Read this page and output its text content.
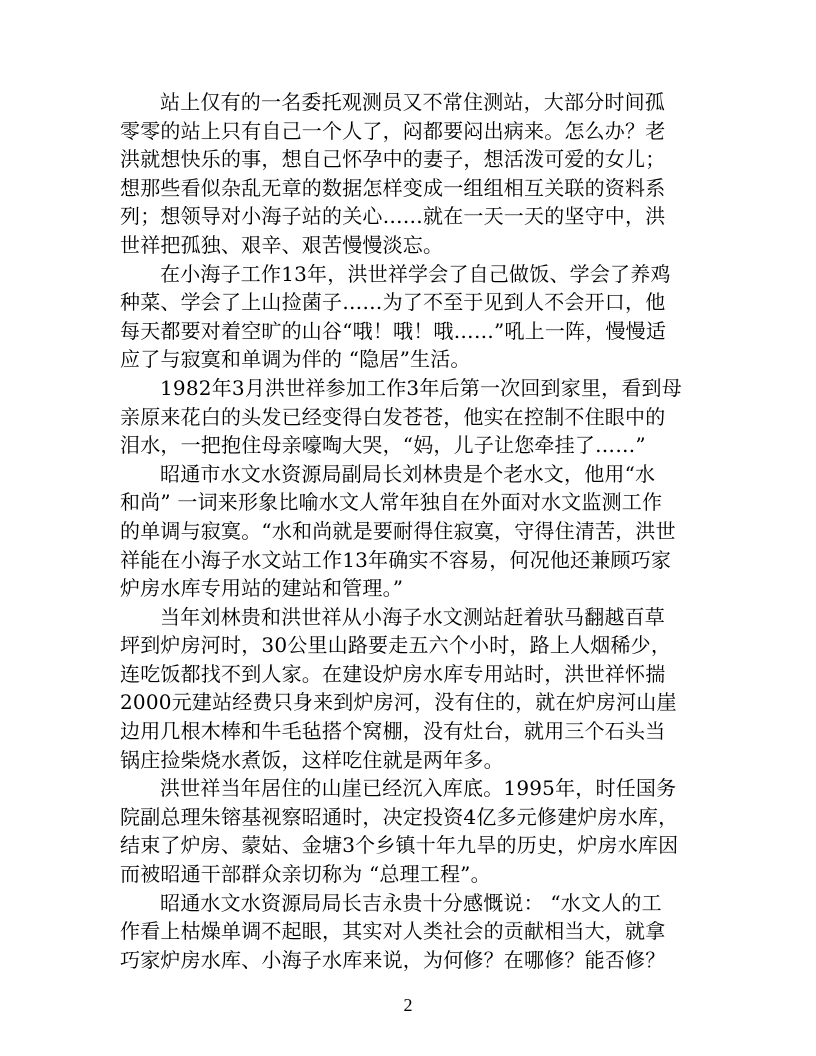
站上仅有的一名委托观测员又不常住测站，大部分时间孤
零零的站上只有自己一个人了，闷都要闷出病来。怎么办？老
洪就想快乐的事，想自己怀孕中的妻子，想活泼可爱的女儿；
想那些看似杂乱无章的数据怎样变成一组组相互关联的资料系
列；想领导对小海子站的关心……就在一天一天的坚守中，洪
世祥把孤独、艰辛、艰苦慢慢淡忘。
在小海子工作13年，洪世祥学会了自己做饭、学会了养鸡
种菜、学会了上山捡菌子……为了不至于见到人不会开口，他
每天都要对着空旷的山谷“哦！哦！哦……”吼上一阵，慢慢适
应了与寂寞和单调为伴的 “隐居”生活。
1982年3月洪世祥参加工作3年后第一次回到家里，看到母
亲原来花白的头发已经变得白发苍苍，他实在控制不住眼中的
泪水，一把抱住母亲嚎啕大哭，“妈，儿子让您牵挂了……”
昭通市水文水资源局副局长刘林贵是个老水文，他用“水
和尚” 一词来形象比喻水文人常年独自在外面对水文监测工作
的单调与寂寞。“水和尚就是要耐得住寂寞，守得住清苦，洪世
祥能在小海子水文站工作13年确实不容易，何况他还兼顾巧家
炉房水库专用站的建站和管理。”
当年刘林贵和洪世祥从小海子水文测站赶着驮马翻越百草
坪到炉房河时，30公里山路要走五六个小时，路上人烟稀少，
连吃饭都找不到人家。在建设炉房水库专用站时，洪世祥怀揣
2000元建站经费只身来到炉房河，没有住的，就在炉房河山崖
边用几根木棒和牛毛毡搭个窝棚，没有灶台，就用三个石头当
锅庄捡柴烧水煮饭，这样吃住就是两年多。
洪世祥当年居住的山崖已经沉入库底。1995年，时任国务
院副总理朱镕基视察昭通时，决定投资4亿多元修建炉房水库，
结束了炉房、蒙姑、金塘3个乡镇十年九旱的历史，炉房水库因
而被昭通干部群众亲切称为 “总理工程”。
昭通水文水资源局局长吉永贵十分感慨说： “水文人的工
作看上枯燥单调不起眼，其实对人类社会的贡献相当大，就拿
巧家炉房水库、小海子水库来说，为何修？在哪修？能否修？
2
